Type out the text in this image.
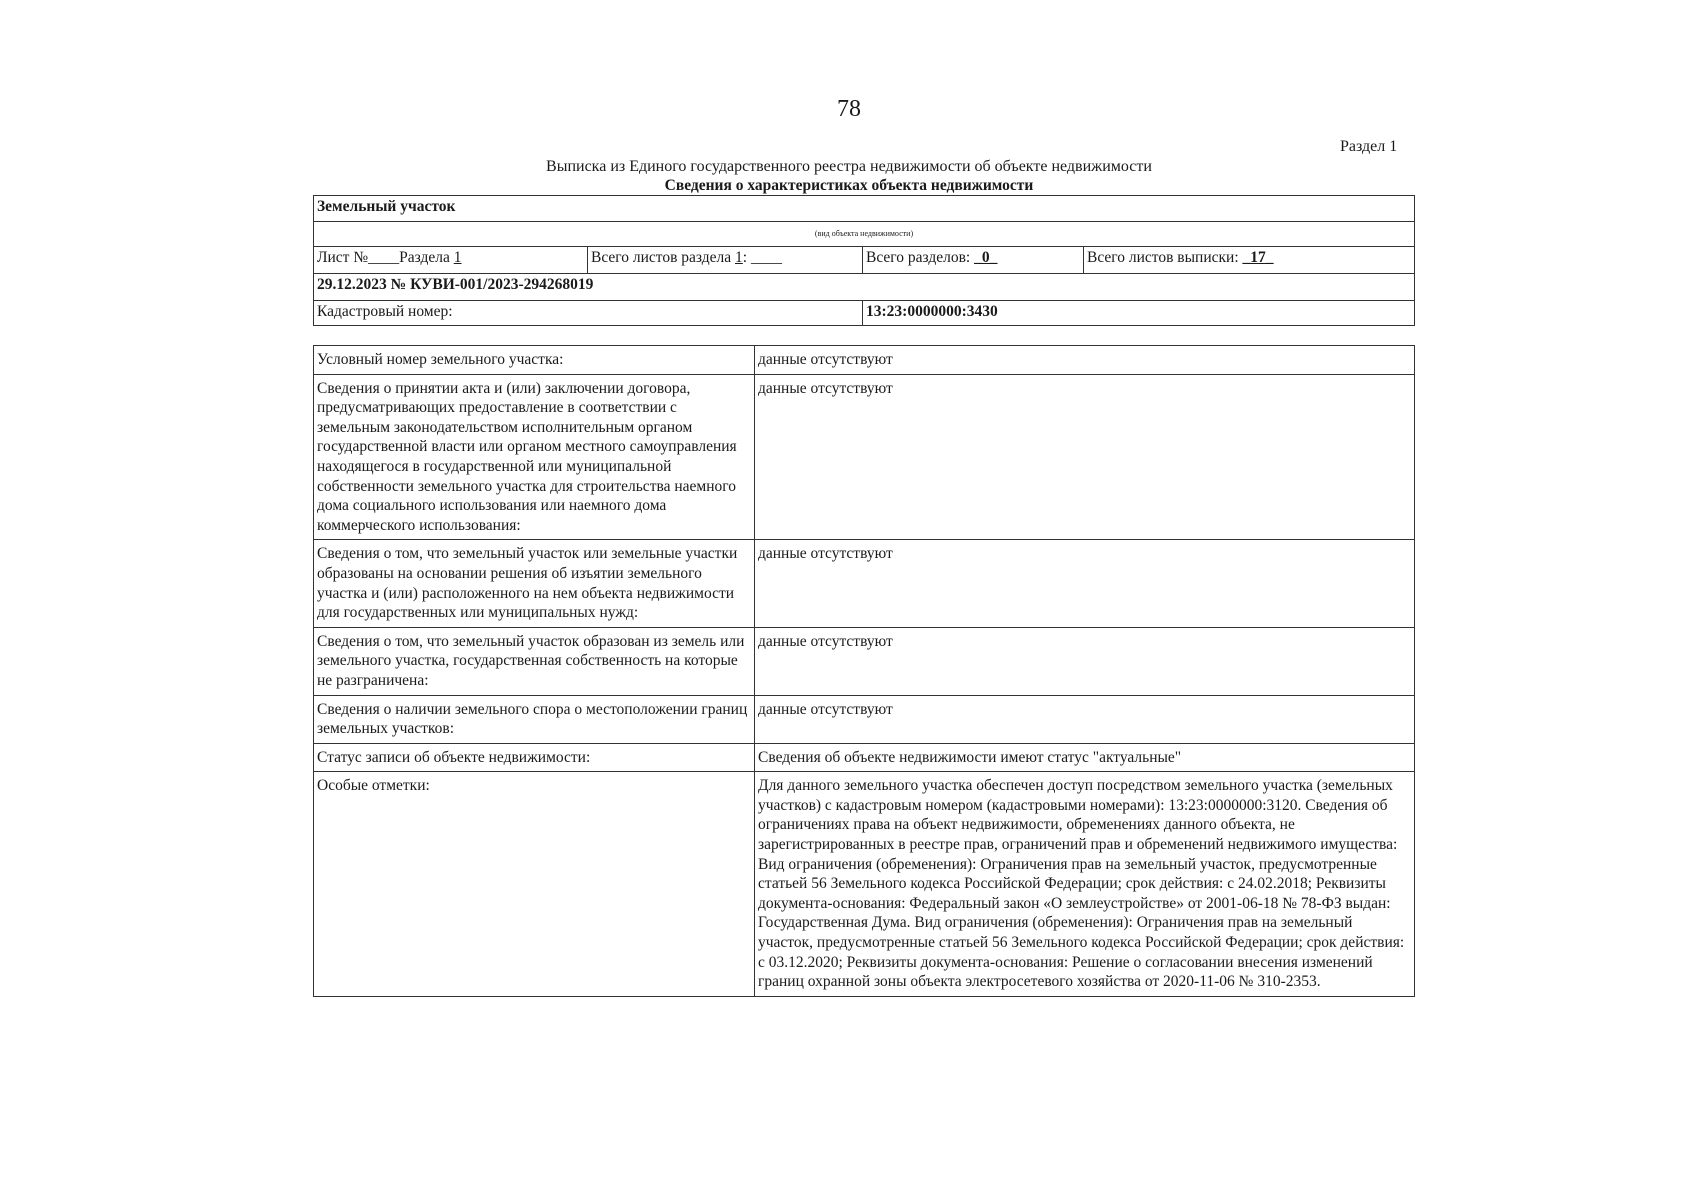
78
Раздел 1
Выписка из Единого государственного реестра недвижимости об объекте недвижимости
Сведения о характеристиках объекта недвижимости
Земельный участок			
(вид объекта недвижимости)			
Лист №____Раздела 1	Всего листов раздела 1: ____	Всего разделов: _0_	Всего листов выписки: _17_
29.12.2023 № КУВИ-001/2023-294268019			
Кадастровый номер:		13:23:0000000:3430	
Условный номер земельного участка:	данные отсутствуют
Сведения о принятии акта и (или) заключении договора, предусматривающих предоставление в соответствии с земельным законодательством исполнительным органом государственной власти или органом местного самоуправления находящегося в государственной или муниципальной собственности земельного участка для строительства наемного дома социального использования или наемного дома коммерческого использования:	данные отсутствуют
Сведения о том, что земельный участок или земельные участки образованы на основании решения об изъятии земельного участка и (или) расположенного на нем объекта недвижимости для государственных или муниципальных нужд:	данные отсутствуют
Сведения о том, что земельный участок образован из земель или земельного участка, государственная собственность на которые не разграничена:	данные отсутствуют
Сведения о наличии земельного спора о местоположении границ земельных участков:	данные отсутствуют
Статус записи об объекте недвижимости:	Сведения об объекте недвижимости имеют статус "актуальные"
Особые отметки:	Для данного земельного участка обеспечен доступ посредством земельного участка (земельных участков) с кадастровым номером (кадастровыми номерами): 13:23:0000000:3120. Сведения об ограничениях права на объект недвижимости, обременениях данного объекта, не зарегистрированных в реестре прав, ограничений прав и обременений недвижимого имущества: Вид ограничения (обременения): Ограничения прав на земельный участок, предусмотренные статьей 56 Земельного кодекса Российской Федерации; срок действия: с 24.02.2018; Реквизиты документа-основания: Федеральный закон «О землеустройстве» от 2001-06-18 № 78-ФЗ выдан: Государственная Дума. Вид ограничения (обременения): Ограничения прав на земельный участок, предусмотренные статьей 56 Земельного кодекса Российской Федерации; срок действия: с 03.12.2020; Реквизиты документа-основания: Решение о согласовании внесения изменений границ охранной зоны объекта электросетевого хозяйства от 2020-11-06 № 310-2353.
